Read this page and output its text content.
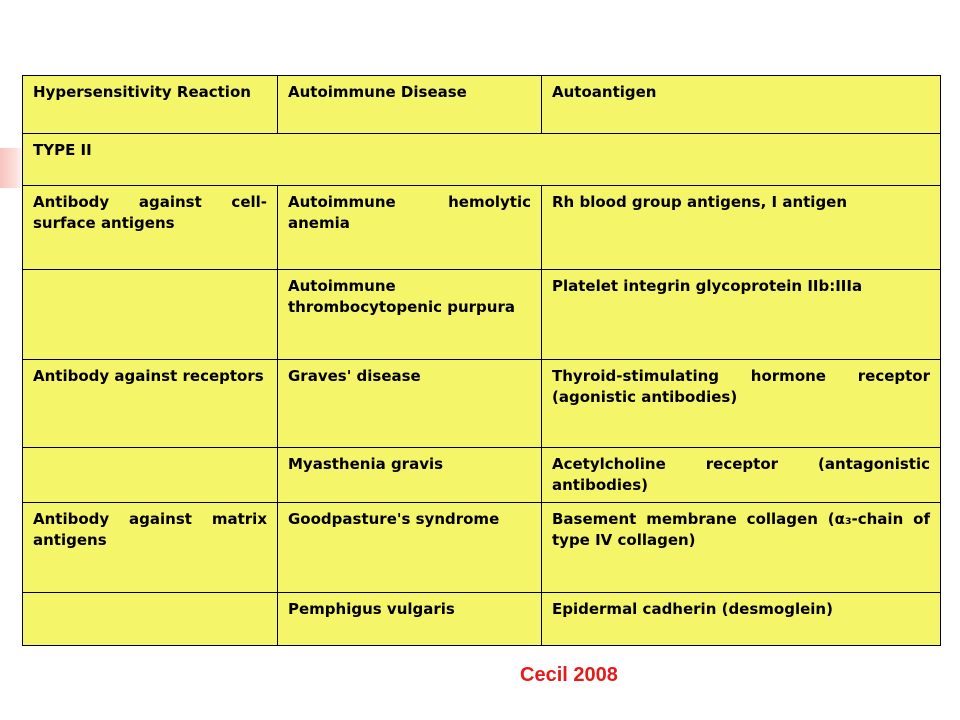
Hypersensitivity Reaction	Autoimmune Disease	Autoantigen
TYPE II		
Antibody against cell-surface antigens	Autoimmune hemolytic anemia	Rh blood group antigens, I antigen
	Autoimmune thrombocytopenic purpura	Platelet integrin glycoprotein IIb:IIIa
Antibody against receptors	Graves' disease	Thyroid-stimulating hormone receptor (agonistic antibodies)
	Myasthenia gravis	Acetylcholine receptor (antagonistic antibodies)
Antibody against matrix antigens	Goodpasture's syndrome	Basement membrane collagen (α₃-chain of type IV collagen)
	Pemphigus vulgaris	Epidermal cadherin (desmoglein)
Cecil 2008
